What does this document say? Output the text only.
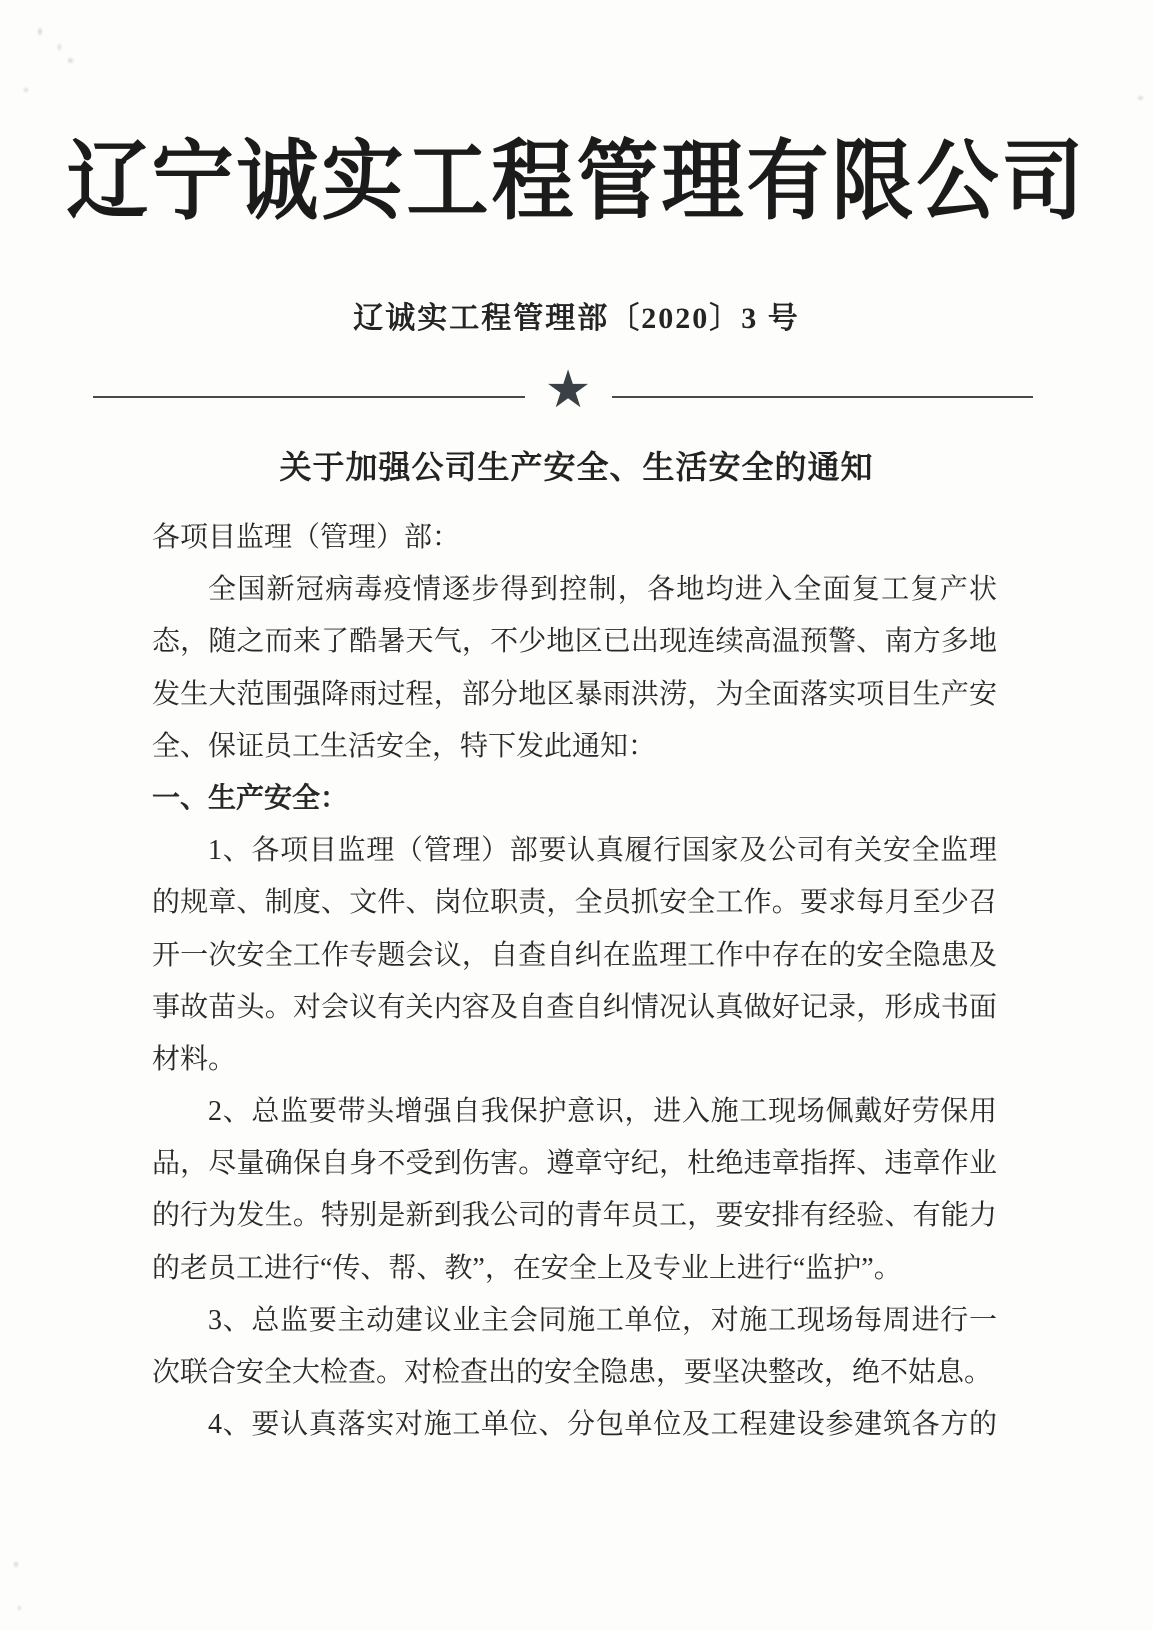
辽宁诚实工程管理有限公司
辽诚实工程管理部〔2020〕3 号
★
关于加强公司生产安全、生活安全的通知
各项目监理（管理）部：
全国新冠病毒疫情逐步得到控制，各地均进入全面复工复产状
态，随之而来了酷暑天气，不少地区已出现连续高温预警、南方多地
发生大范围强降雨过程，部分地区暴雨洪涝，为全面落实项目生产安
全、保证员工生活安全，特下发此通知：
一、生产安全：
1、各项目监理（管理）部要认真履行国家及公司有关安全监理
的规章、制度、文件、岗位职责，全员抓安全工作。要求每月至少召
开一次安全工作专题会议，自查自纠在监理工作中存在的安全隐患及
事故苗头。对会议有关内容及自查自纠情况认真做好记录，形成书面
材料。
2、总监要带头增强自我保护意识，进入施工现场佩戴好劳保用
品，尽量确保自身不受到伤害。遵章守纪，杜绝违章指挥、违章作业
的行为发生。特别是新到我公司的青年员工，要安排有经验、有能力
的老员工进行“传、帮、教”，在安全上及专业上进行“监护”。
3、总监要主动建议业主会同施工单位，对施工现场每周进行一
次联合安全大检查。对检查出的安全隐患，要坚决整改，绝不姑息。
4、要认真落实对施工单位、分包单位及工程建设参建筑各方的
